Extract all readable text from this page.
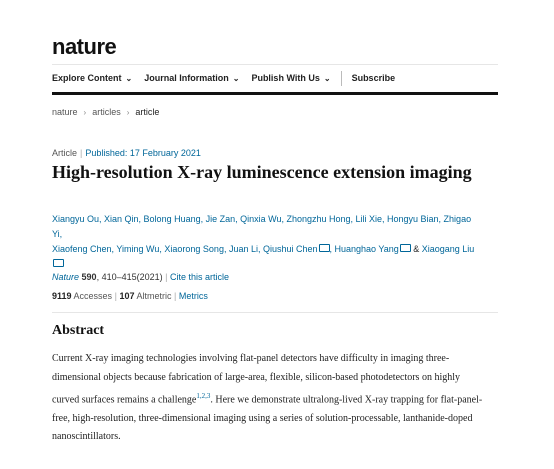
nature
Explore Content ⌄ Journal Information ⌄ Publish With Us ⌄ Subscribe
nature › articles › article
Article | Published: 17 February 2021
High-resolution X-ray luminescence extension imaging
Xiangyu Ou, Xian Qin, Bolong Huang, Jie Zan, Qinxia Wu, Zhongzhu Hong, Lili Xie, Hongyu Bian, Zhigao Yi,
Xiaofeng Chen, Yiming Wu, Xiaorong Song, Juan Li, Qiushui Chen , Huanghao Yang & Xiaogang Liu

Nature 590, 410–415(2021) | Cite this article
9119 Accesses | 107 Altmetric | Metrics
Abstract
Current X-ray imaging technologies involving flat-panel detectors have difficulty in imaging three-dimensional objects because fabrication of large-area, flexible, silicon-based photodetectors on highly curved surfaces remains a challenge$^{1,2,3}$. Here we demonstrate ultralong-lived X-ray trapping for flat-panel-free, high-resolution, three-dimensional imaging using a series of solution-processable, lanthanide-doped nanoscintillators.
